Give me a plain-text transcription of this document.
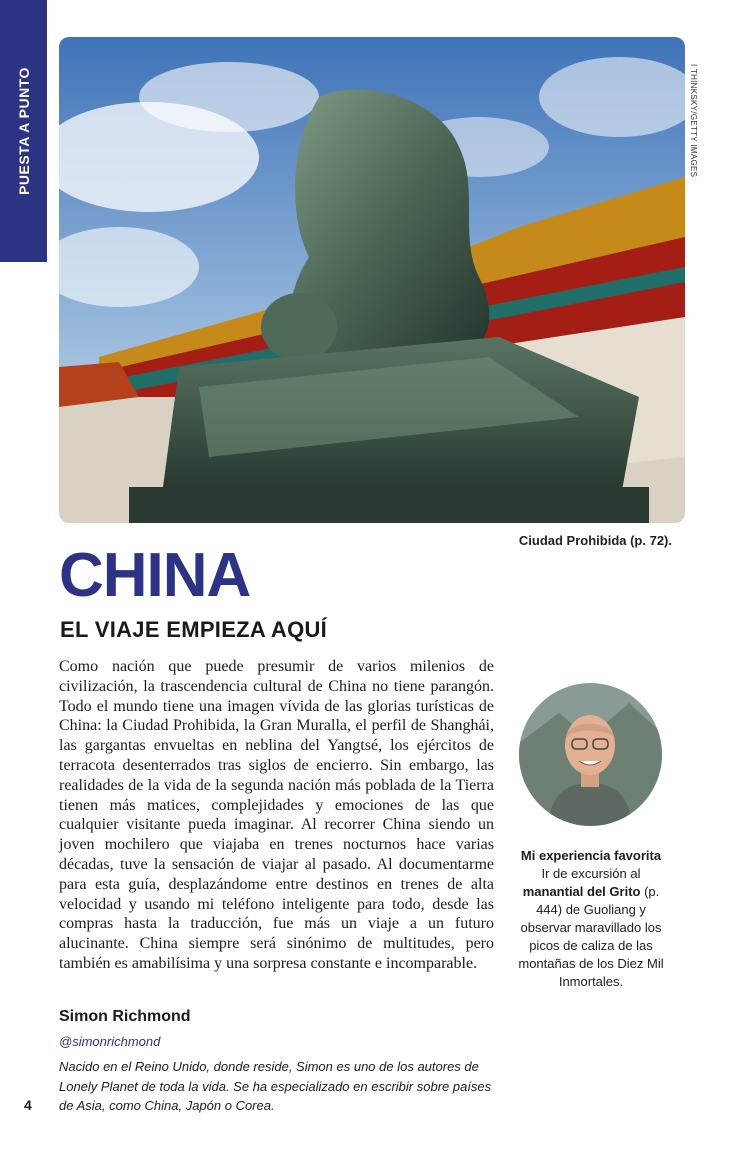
PUESTA A PUNTO	I THINKSKY/GETTY IMAGES
Ciudad Prohibida (p. 72).
CHINA
EL VIAJE EMPIEZA AQUÍ

Como nación que puede presumir de varios milenios de civilización, la trascendencia cultural de China no tiene parangón. Todo el mundo tiene una imagen vívida de las glorias turísticas de China: la Ciudad Prohibida, la Gran Muralla, el perfil de Shanghái, las gargantas envueltas en neblina del Yangtsé, los ejércitos de terracota desenterrados tras siglos de encierro. Sin embargo, las realidades de la vida de la segunda nación más poblada de la Tierra tienen más matices, complejidades y emociones de las que cualquier visitante pueda imaginar. Al recorrer China siendo un joven mochilero que viajaba en trenes nocturnos hace varias décadas, tuve la sensación de viajar al pasado. Al documentarme para esta guía, desplazándome entre destinos en trenes de alta velocidad y usando mi teléfono inteligente para todo, desde las compras hasta la traducción, fue más un viaje a un futuro alucinante. China siempre será sinónimo de multitudes, pero también es amabilísima y una sorpresa constante e incomparable.

Simon Richmond

@simonrichmond

Nacido en el Reino Unido, donde reside, Simon es uno de los autores de Lonely Planet de toda la vida. Se ha especializado en escribir sobre países de Asia, como China, Japón o Corea.

4

Mi experiencia favorita Ir de excursión al manantial del Grito (p. 444) de Guoliang y observar maravillado los picos de caliza de las montañas de los Diez Mil Inmortales.
